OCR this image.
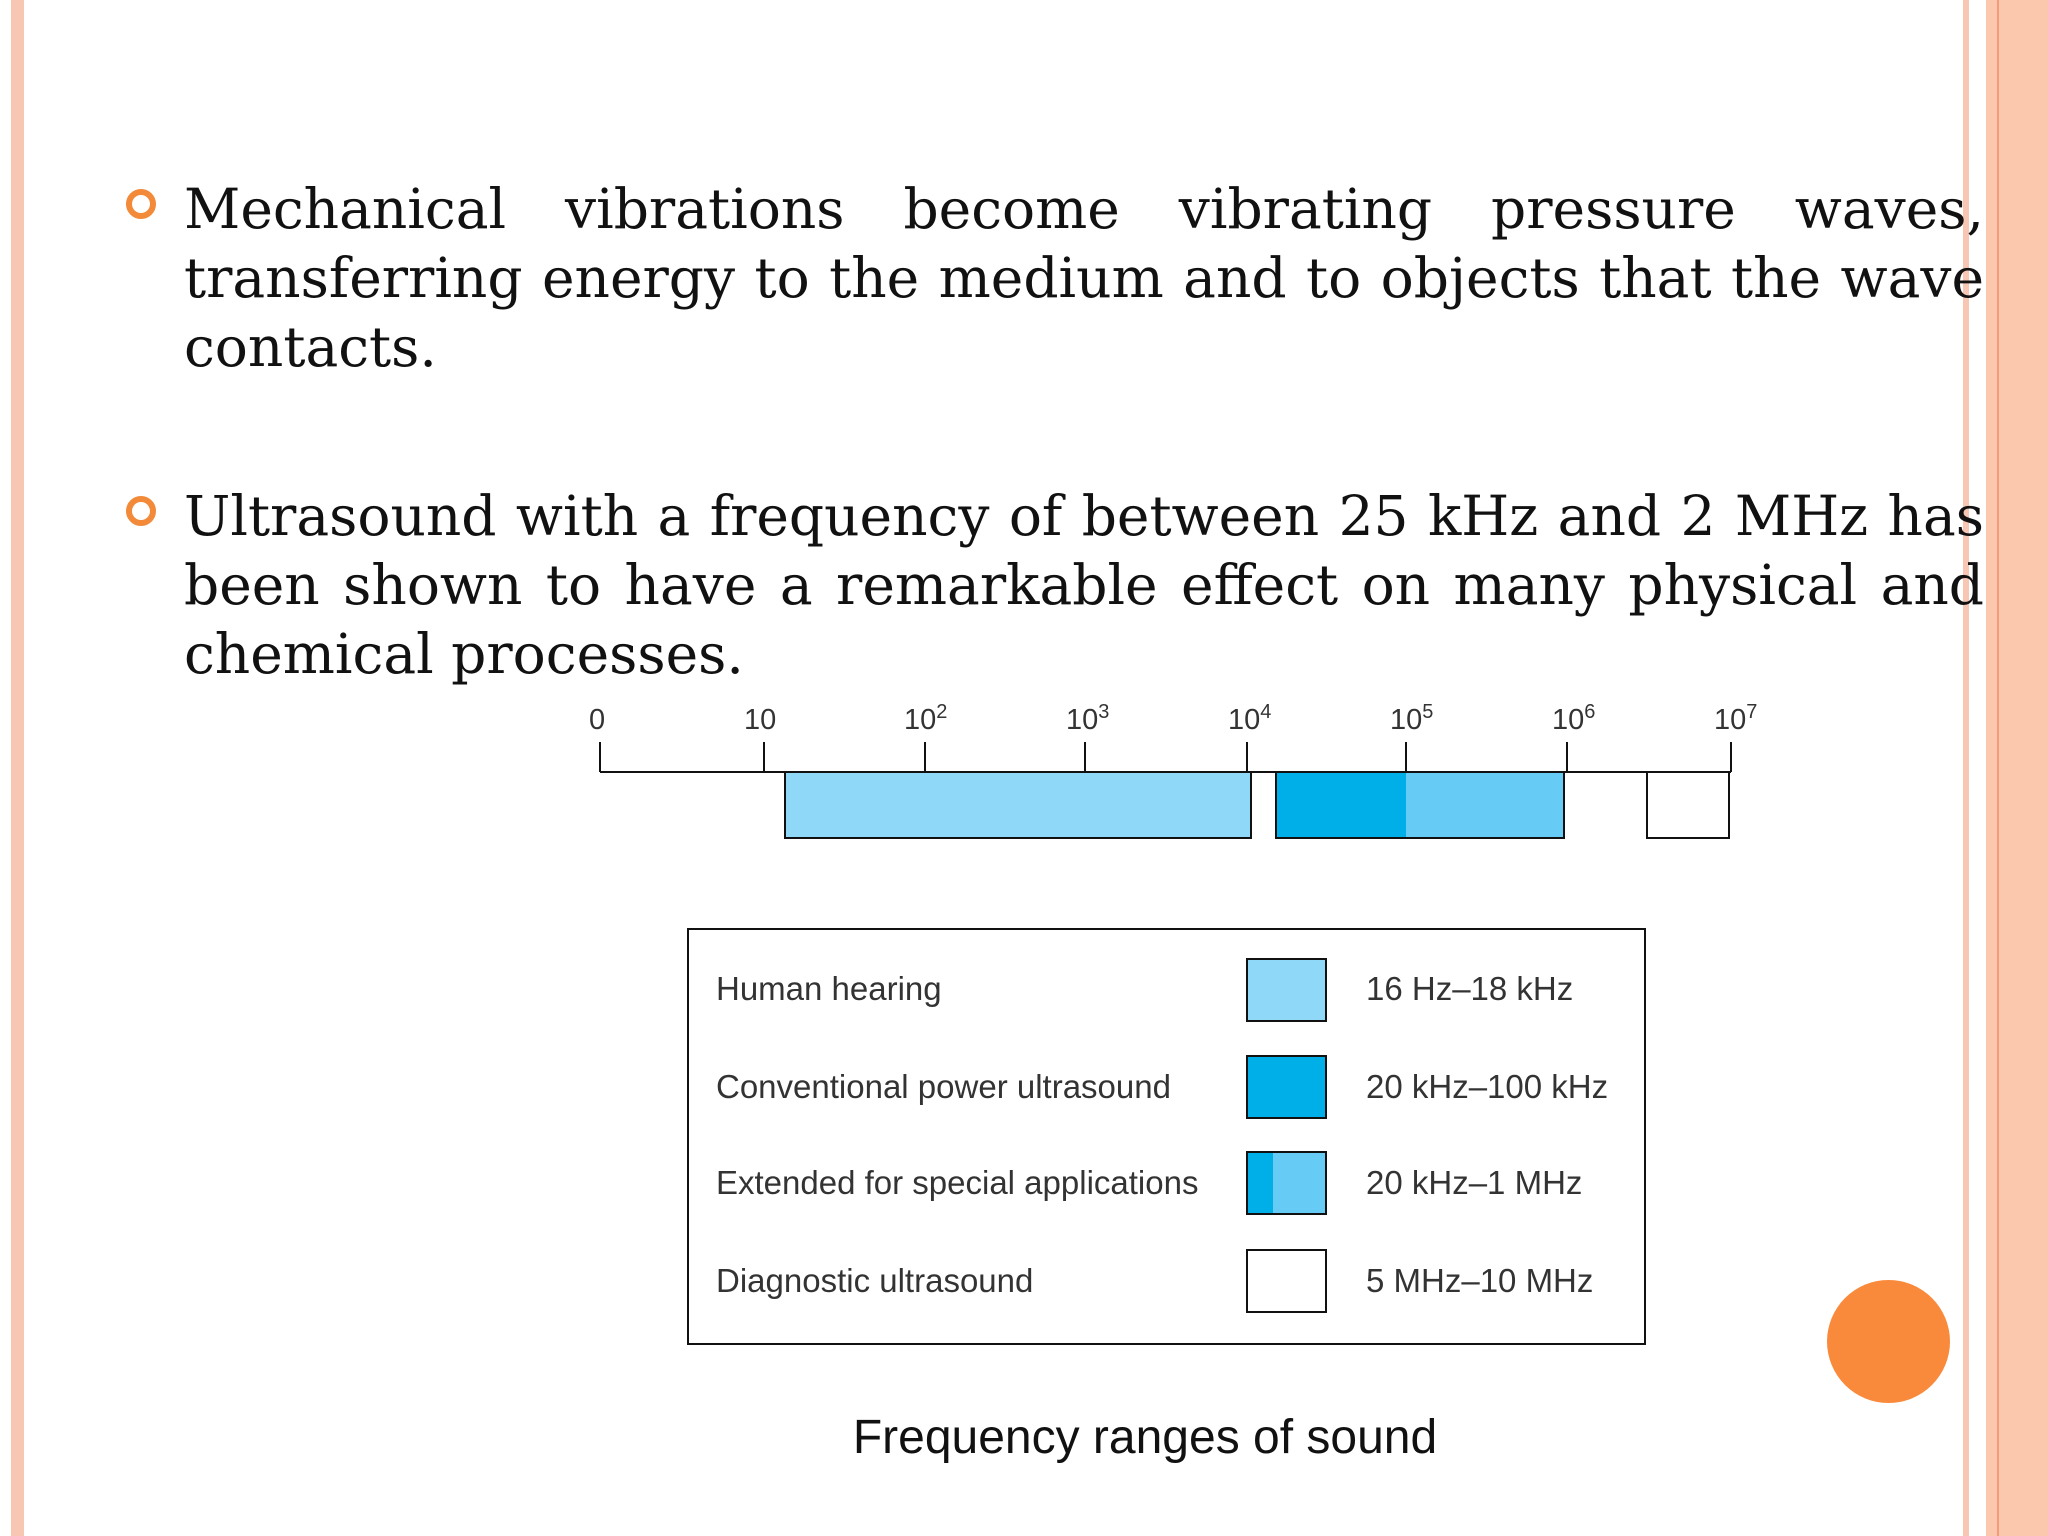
Mechanical vibrations become vibrating pressure waves, transferring energy to the medium and to objects that the wave contacts.
Ultrasound with a frequency of between 25 kHz and 2 MHz has been shown to have a remarkable effect on many physical and chemical processes.
0	10	$10^2$	$10^3$	$10^4$	$10^5$	$10^6$	$10^7$
Human hearing	16 Hz–18 kHz
Conventional power ultrasound	20 kHz–100 kHz
Extended for special applications	20 kHz–1 MHz
Diagnostic ultrasound	5 MHz–10 MHz
Frequency ranges of sound
